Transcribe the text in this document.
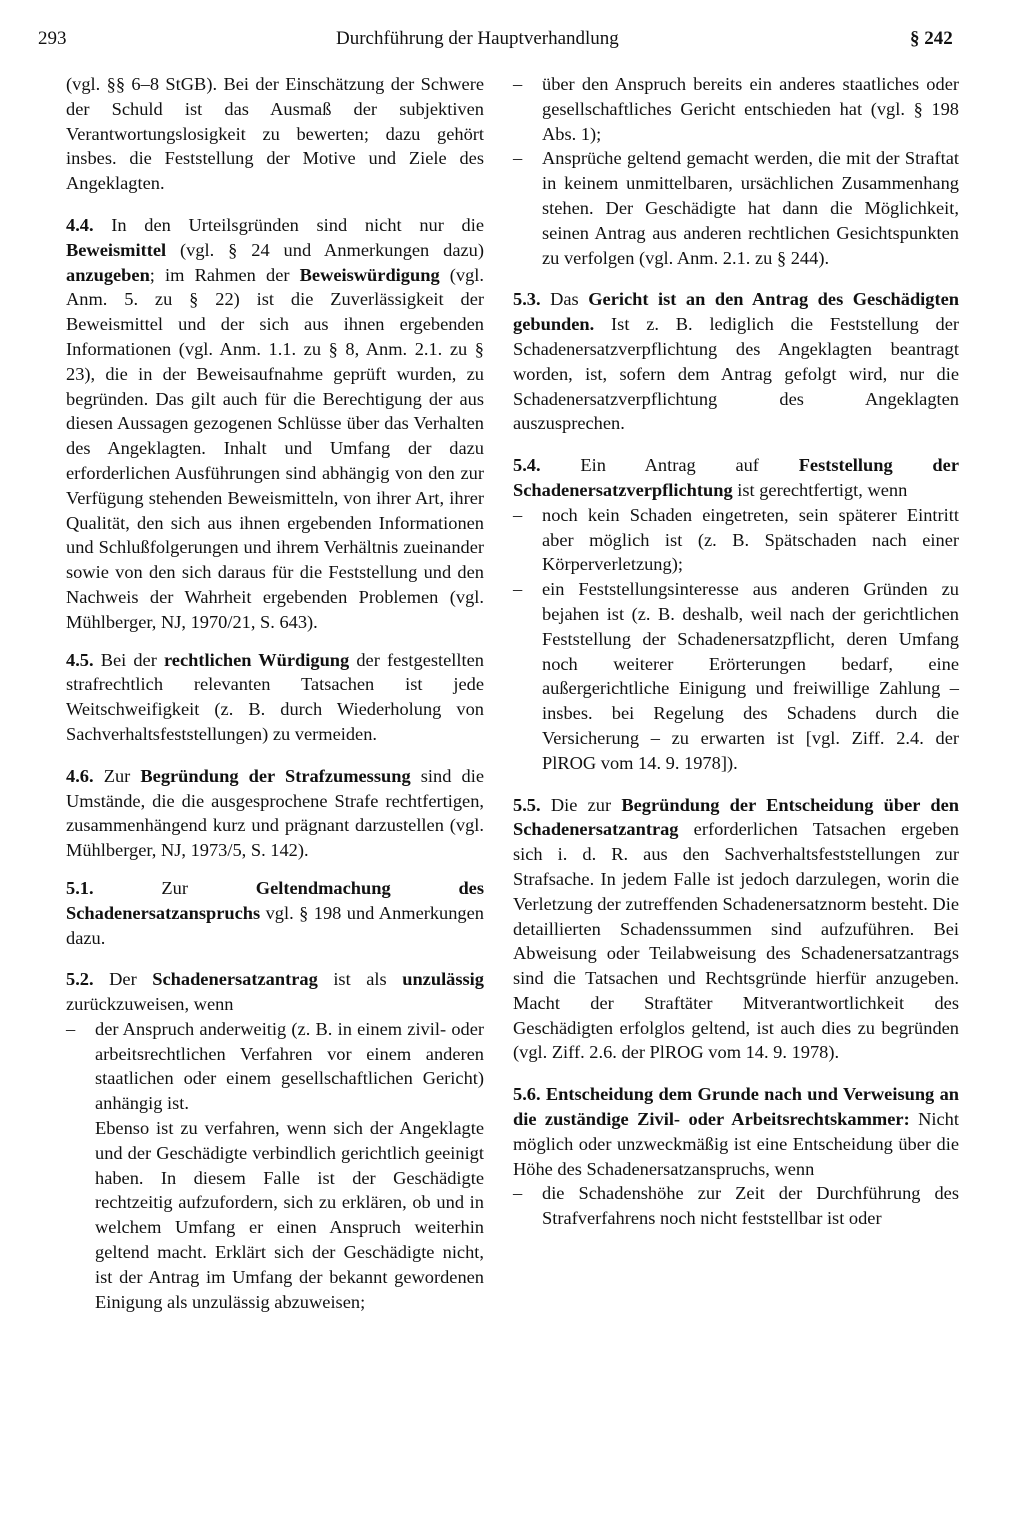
293	Durchführung der Hauptverhandlung	§ 242

(vgl. §§ 6–8 StGB). Bei der Einschätzung der Schwere der Schuld ist das Ausmaß der subjektiven Verantwortungslosigkeit zu bewerten; dazu gehört insbes. die Feststellung der Motive und Ziele des Angeklagten.

4.4. In den Urteilsgründen sind nicht nur die Beweismittel (vgl. § 24 und Anmerkungen dazu) anzugeben; im Rahmen der Beweiswürdigung (vgl. Anm. 5. zu § 22) ist die Zuverlässigkeit der Beweismittel und der sich aus ihnen ergebenden Informationen (vgl. Anm. 1.1. zu § 8, Anm. 2.1. zu § 23), die in der Beweisaufnahme geprüft wurden, zu begründen. Das gilt auch für die Berechtigung der aus diesen Aussagen gezogenen Schlüsse über das Verhalten des Angeklagten. Inhalt und Umfang der dazu erforderlichen Ausführungen sind abhängig von den zur Verfügung stehenden Beweismitteln, von ihrer Art, ihrer Qualität, den sich aus ihnen ergebenden Informationen und Schlußfolgerungen und ihrem Verhältnis zueinander sowie von den sich daraus für die Feststellung und den Nachweis der Wahrheit ergebenden Problemen (vgl. Mühlberger, NJ, 1970/21, S. 643).

4.5. Bei der rechtlichen Würdigung der festgestellten strafrechtlich relevanten Tatsachen ist jede Weitschweifigkeit (z. B. durch Wiederholung von Sachverhaltsfeststellungen) zu vermeiden.

4.6. Zur Begründung der Strafzumessung sind die Umstände, die die ausgesprochene Strafe rechtfertigen, zusammenhängend kurz und prägnant darzustellen (vgl. Mühlberger, NJ, 1973/5, S. 142).

5.1. Zur Geltendmachung des Schadenersatzanspruchs vgl. § 198 und Anmerkungen dazu.

5.2. Der Schadenersatzantrag ist als unzulässig zurückzuweisen, wenn

– der Anspruch anderweitig (z. B. in einem zivil- oder arbeitsrechtlichen Verfahren vor einem anderen staatlichen oder einem gesellschaftlichen Gericht) anhängig ist.

Ebenso ist zu verfahren, wenn sich der Angeklagte und der Geschädigte verbindlich gerichtlich geeinigt haben. In diesem Falle ist der Geschädigte rechtzeitig aufzufordern, sich zu erklären, ob und in welchem Umfang er einen Anspruch weiterhin geltend macht. Erklärt sich der Geschädigte nicht, ist der Antrag im Umfang der bekannt gewordenen Einigung als unzulässig abzuweisen;

– über den Anspruch bereits ein anderes staatliches oder gesellschaftliches Gericht entschieden hat (vgl. § 198 Abs. 1);
– Ansprüche geltend gemacht werden, die mit der Straftat in keinem unmittelbaren, ursächlichen Zusammenhang stehen. Der Geschädigte hat dann die Möglichkeit, seinen Antrag aus anderen rechtlichen Gesichtspunkten zu verfolgen (vgl. Anm. 2.1. zu § 244).

5.3. Das Gericht ist an den Antrag des Geschädigten gebunden. Ist z. B. lediglich die Feststellung der Schadenersatzverpflichtung des Angeklagten beantragt worden, ist, sofern dem Antrag gefolgt wird, nur die Schadenersatzverpflichtung des Angeklagten auszusprechen.

5.4. Ein Antrag auf Feststellung der Schadenersatzverpflichtung ist gerechtfertigt, wenn

– noch kein Schaden eingetreten, sein späterer Eintritt aber möglich ist (z. B. Spätschaden nach einer Körperverletzung);
– ein Feststellungsinteresse aus anderen Gründen zu bejahen ist (z. B. deshalb, weil nach der gerichtlichen Feststellung der Schadenersatzpflicht, deren Umfang noch weiterer Erörterungen bedarf, eine außergerichtliche Einigung und freiwillige Zahlung – insbes. bei Regelung des Schadens durch die Versicherung – zu erwarten ist [vgl. Ziff. 2.4. der PlROG vom 14. 9. 1978]).

5.5. Die zur Begründung der Entscheidung über den Schadenersatzantrag erforderlichen Tatsachen ergeben sich i. d. R. aus den Sachverhaltsfeststellungen zur Strafsache. In jedem Falle ist jedoch darzulegen, worin die Verletzung der zutreffenden Schadenersatznorm besteht. Die detaillierten Schadenssummen sind aufzuführen. Bei Abweisung oder Teilabweisung des Schadenersatzantrags sind die Tatsachen und Rechtsgründe hierfür anzugeben. Macht der Straftäter Mitverantwortlichkeit des Geschädigten erfolglos geltend, ist auch dies zu begründen (vgl. Ziff. 2.6. der PlROG vom 14. 9. 1978).

5.6. Entscheidung dem Grunde nach und Verweisung an die zuständige Zivil- oder Arbeitsrechtskammer: Nicht möglich oder unzweckmäßig ist eine Entscheidung über die Höhe des Schadenersatzanspruchs, wenn

– die Schadenshöhe zur Zeit der Durchführung des Strafverfahrens noch nicht feststellbar ist oder
